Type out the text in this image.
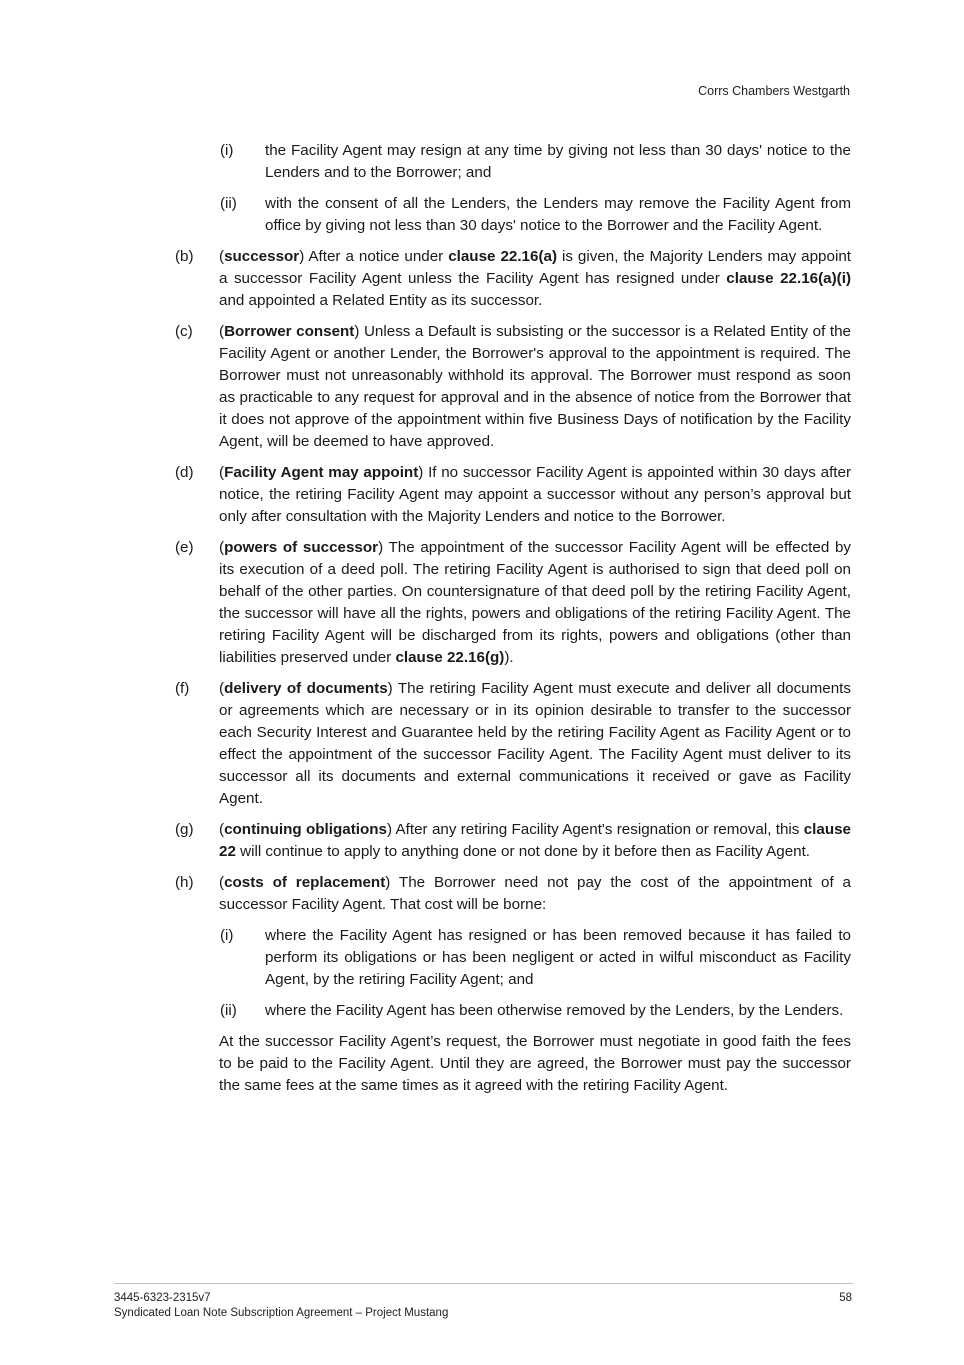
Corrs Chambers Westgarth
(i) the Facility Agent may resign at any time by giving not less than 30 days' notice to the Lenders and to the Borrower; and
(ii) with the consent of all the Lenders, the Lenders may remove the Facility Agent from office by giving not less than 30 days' notice to the Borrower and the Facility Agent.
(b) (successor) After a notice under clause 22.16(a) is given, the Majority Lenders may appoint a successor Facility Agent unless the Facility Agent has resigned under clause 22.16(a)(i) and appointed a Related Entity as its successor.
(c) (Borrower consent) Unless a Default is subsisting or the successor is a Related Entity of the Facility Agent or another Lender, the Borrower's approval to the appointment is required. The Borrower must not unreasonably withhold its approval. The Borrower must respond as soon as practicable to any request for approval and in the absence of notice from the Borrower that it does not approve of the appointment within five Business Days of notification by the Facility Agent, will be deemed to have approved.
(d) (Facility Agent may appoint) If no successor Facility Agent is appointed within 30 days after notice, the retiring Facility Agent may appoint a successor without any person’s approval but only after consultation with the Majority Lenders and notice to the Borrower.
(e) (powers of successor) The appointment of the successor Facility Agent will be effected by its execution of a deed poll. The retiring Facility Agent is authorised to sign that deed poll on behalf of the other parties. On countersignature of that deed poll by the retiring Facility Agent, the successor will have all the rights, powers and obligations of the retiring Facility Agent. The retiring Facility Agent will be discharged from its rights, powers and obligations (other than liabilities preserved under clause 22.16(g)).
(f) (delivery of documents) The retiring Facility Agent must execute and deliver all documents or agreements which are necessary or in its opinion desirable to transfer to the successor each Security Interest and Guarantee held by the retiring Facility Agent as Facility Agent or to effect the appointment of the successor Facility Agent. The Facility Agent must deliver to its successor all its documents and external communications it received or gave as Facility Agent.
(g) (continuing obligations) After any retiring Facility Agent's resignation or removal, this clause 22 will continue to apply to anything done or not done by it before then as Facility Agent.
(h) (costs of replacement) The Borrower need not pay the cost of the appointment of a successor Facility Agent. That cost will be borne:
(i) where the Facility Agent has resigned or has been removed because it has failed to perform its obligations or has been negligent or acted in wilful misconduct as Facility Agent, by the retiring Facility Agent; and
(ii) where the Facility Agent has been otherwise removed by the Lenders, by the Lenders.
At the successor Facility Agent’s request, the Borrower must negotiate in good faith the fees to be paid to the Facility Agent. Until they are agreed, the Borrower must pay the successor the same fees at the same times as it agreed with the retiring Facility Agent.
3445-6323-2315v7
Syndicated Loan Note Subscription Agreement – Project Mustang
58
